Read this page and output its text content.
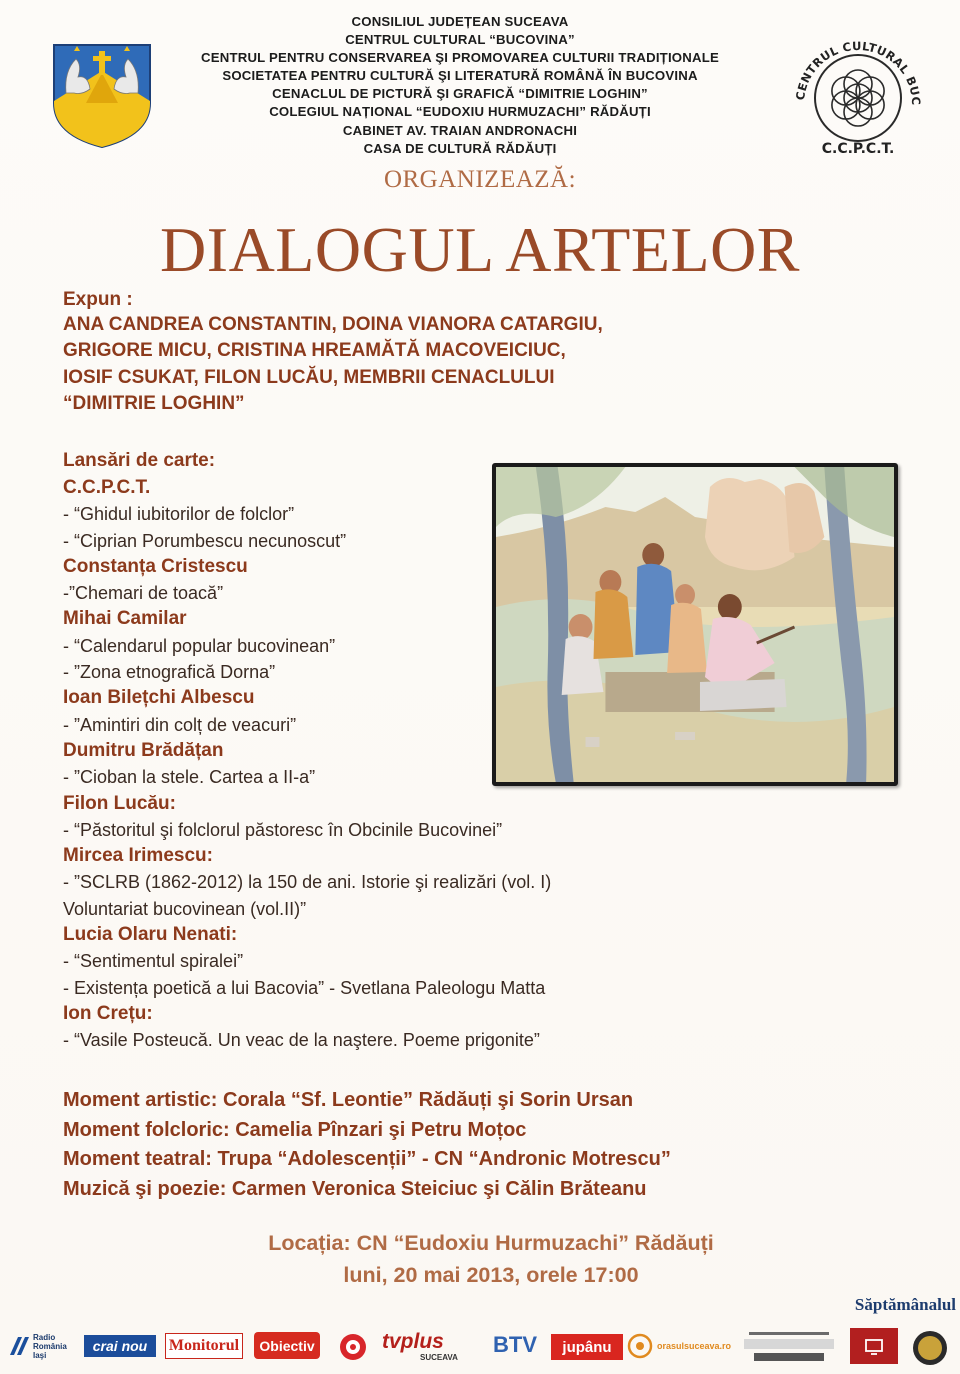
CENTRUL CULTURAL BUC
C.C.P.C.T.
CONSILIUL JUDEȚEAN SUCEAVA
CENTRUL CULTURAL “BUCOVINA”
CENTRUL PENTRU CONSERVAREA ŞI PROMOVAREA CULTURII TRADIȚIONALE
SOCIETATEA PENTRU CULTURĂ ŞI LITERATURĂ ROMÂNĂ ÎN BUCOVINA
CENACLUL DE PICTURĂ ŞI GRAFICĂ “DIMITRIE LOGHIN”
COLEGIUL NAȚIONAL “EUDOXIU HURMUZACHI” RĂDĂUȚI
CABINET AV. TRAIAN ANDRONACHI
CASA DE CULTURĂ RĂDĂUȚI
ORGANIZEAZĂ:
DIALOGUL ARTELOR
Expun :
ANA CANDREA CONSTANTIN, DOINA VIANORA CATARGIU,
GRIGORE MICU, CRISTINA HREAMĂTĂ MACOVEICIUC,
IOSIF CSUKAT, FILON LUCĂU, MEMBRII CENACLULUI
“DIMITRIE LOGHIN”
Lansări de carte:
C.C.P.C.T.
- “Ghidul iubitorilor de folclor”
- “Ciprian Porumbescu necunoscut”
Constanța Cristescu
-”Chemari de toacă”
Mihai Camilar
- “Calendarul popular bucovinean”
- ”Zona etnografică Dorna”
Ioan Bilețchi Albescu
- ”Amintiri din colț de veacuri”
Dumitru Brădățan
- ”Cioban la stele. Cartea a II-a”
Filon Lucău:
- “Păstoritul şi folclorul păstoresc în Obcinile Bucovinei”
Mircea Irimescu:
- ”SCLRB (1862-2012) la 150 de ani. Istorie şi realizări (vol. I)
Voluntariat bucovinean (vol.II)”
Lucia Olaru Nenati:
- “Sentimentul spiralei”
- Existența poetică a lui Bacovia” - Svetlana Paleologu Matta
Ion Crețu:
- “Vasile Posteucă. Un veac de la naştere. Poeme prigonite”
Moment artistic: Corala “Sf. Leontie” Rădăuți şi Sorin Ursan
Moment folcloric: Camelia Pînzari şi Petru Moțoc
Moment teatral: Trupa “Adolescenții” - CN “Andronic Motrescu”
Muzică şi poezie: Carmen Veronica Steiciuc şi Călin Brăteanu
Locația: CN “Eudoxiu Hurmuzachi” Rădăuți
luni, 20 mai 2013, orele 17:00
Săptămânalul
Radio România Iaşi
crai nou Monitorul Obiectiv	tvplus
SUCEAVA BTV jupânu	orasulsuceava.ro
